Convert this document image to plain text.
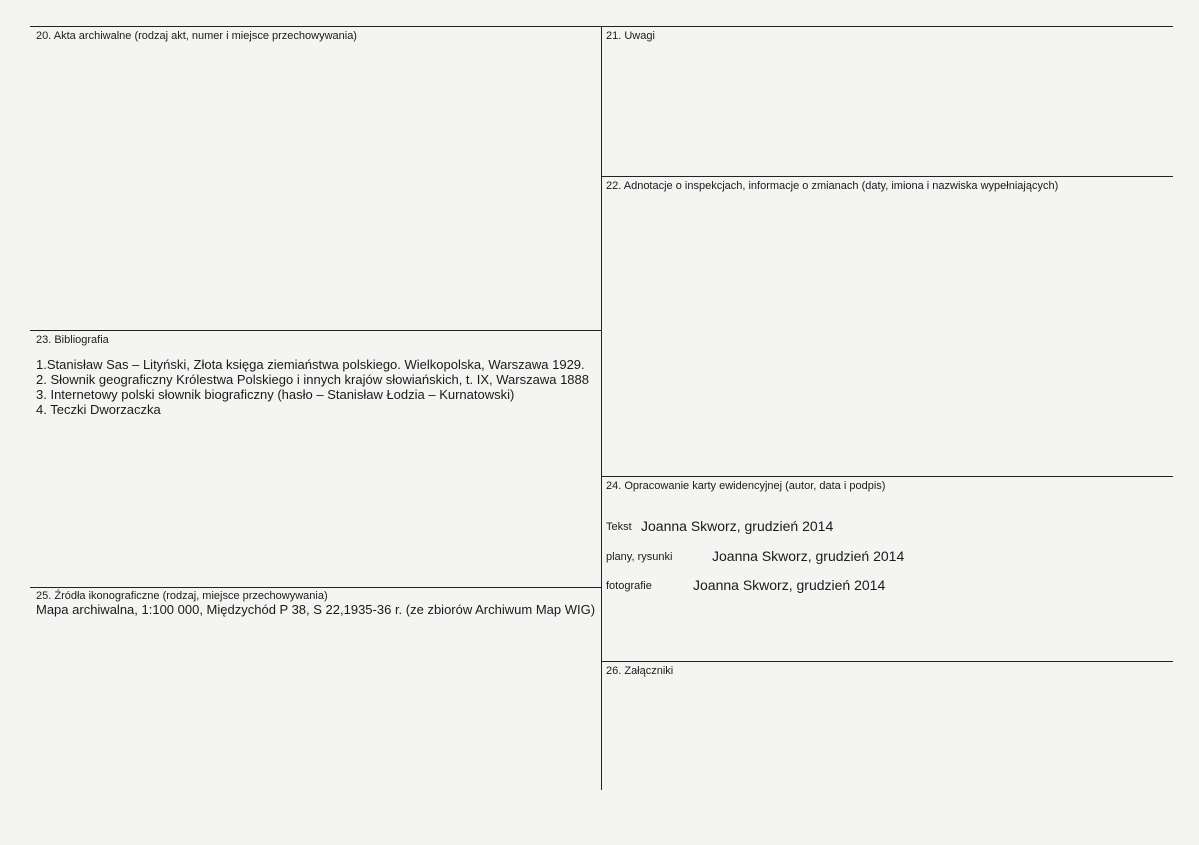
20. Akta archiwalne (rodzaj akt, numer i miejsce przechowywania)	21. Uwagi
22. Adnotacje o inspekcjach, informacje o zmianach (daty, imiona i nazwiska wypełniających)
23. Bibliografia
1.Stanisław Sas – Lityński, Złota księga ziemiaństwa polskiego. Wielkopolska, Warszawa 1929.
2. Słownik geograficzny Królestwa Polskiego i innych krajów słowiańskich, t. IX, Warszawa 1888
3. Internetowy polski słownik biograficzny (hasło – Stanisław Łodzia – Kurnatowski)
4. Teczki Dworzaczka
24. Opracowanie karty ewidencyjnej (autor, data i podpis)
Tekst Joanna Skworz, grudzień 2014
plany, rysunki	Joanna Skworz, grudzień 2014
fotografie	Joanna Skworz, grudzień 2014
25. Źródła ikonograficzne (rodzaj, miejsce przechowywania)
Mapa archiwalna, 1:100 000, Międzychód P 38, S 22,1935-36 r. (ze zbiorów Archiwum Map WIG)
26. Załączniki
